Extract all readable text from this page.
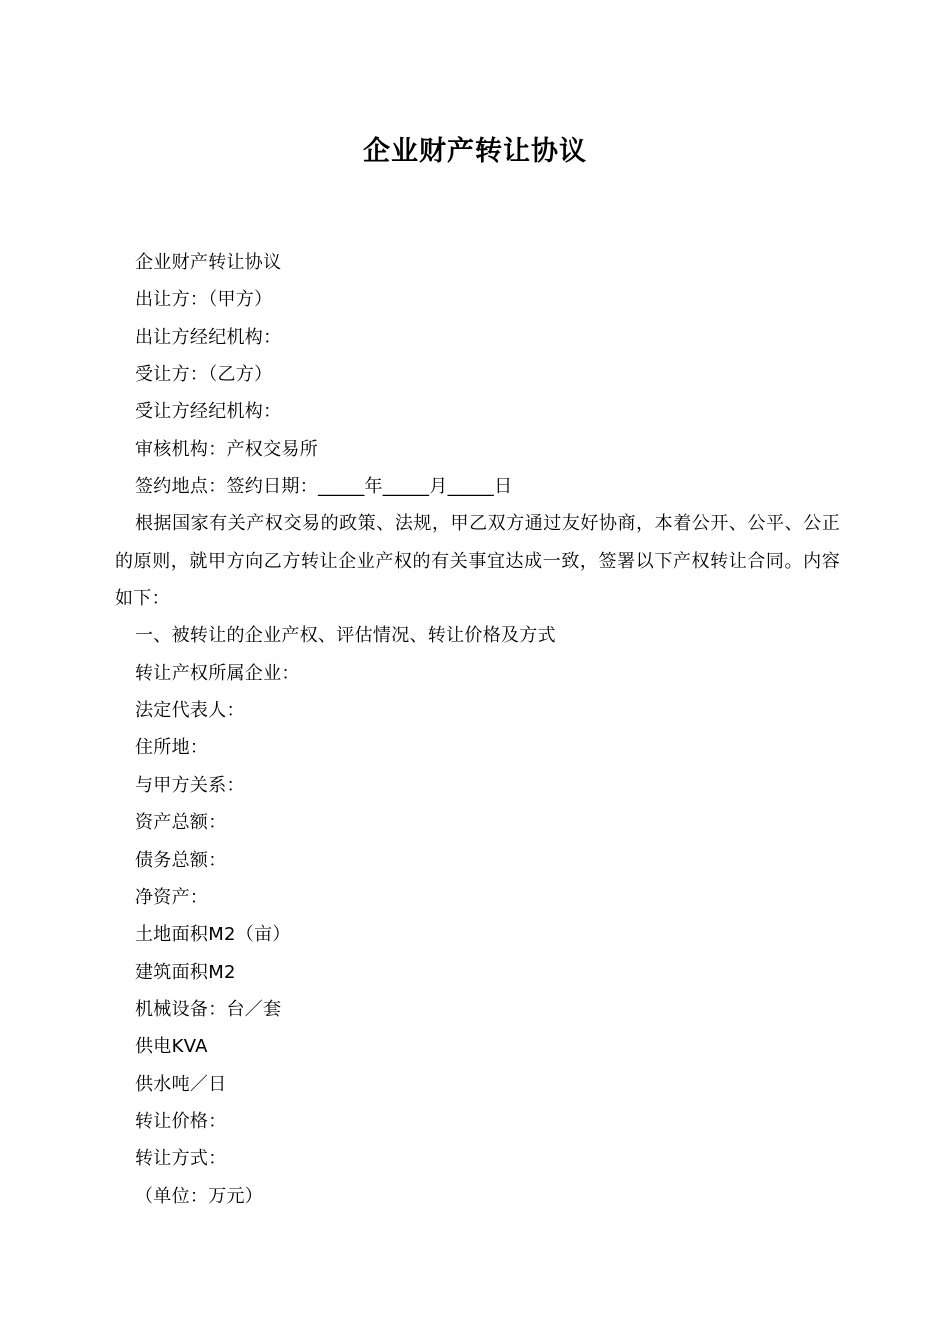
企业财产转让协议

企业财产转让协议

出让方：（甲方）

出让方经纪机构：

受让方：（乙方）

受让方经纪机构：

审核机构：产权交易所

签约地点：签约日期：_____年_____月_____日

根据国家有关产权交易的政策、法规，甲乙双方通过友好协商，本着公开、公平、公正的原则，就甲方向乙方转让企业产权的有关事宜达成一致，签署以下产权转让合同。内容如下：

一、被转让的企业产权、评估情况、转让价格及方式

转让产权所属企业：

法定代表人：

住所地：

与甲方关系：

资产总额：

债务总额：

净资产：

土地面积M2（亩）

建筑面积M2

机械设备：台／套

供电KVA

供水吨／日

转让价格：

转让方式：

（单位：万元）
